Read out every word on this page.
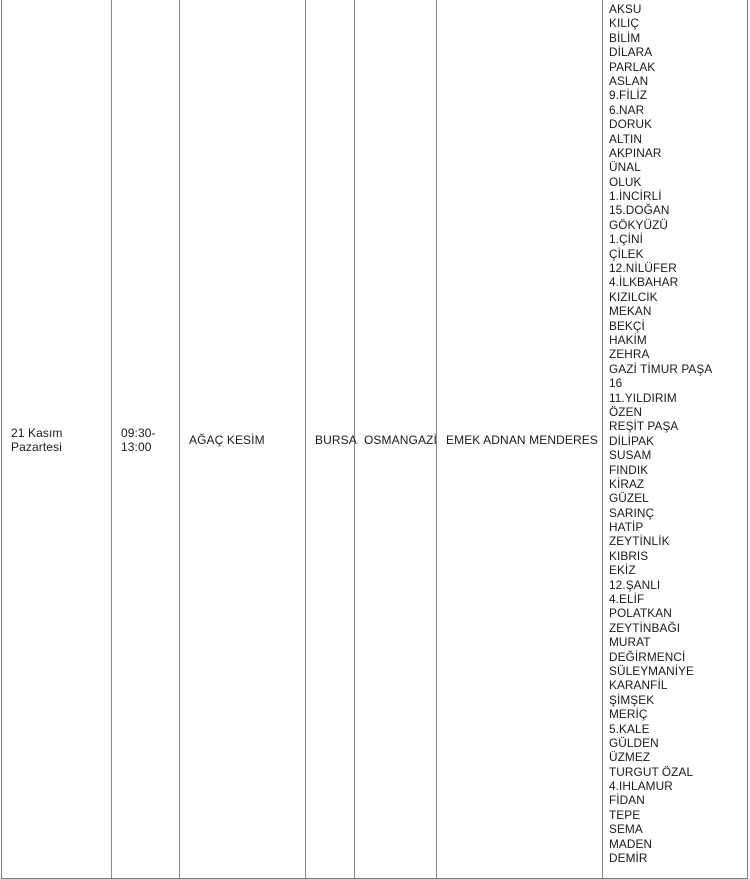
21 Kasım
Pazartesi
09:30-
13:00
AĞAÇ KESİM	BURSA OSMANGAZİ EMEK ADNAN MENDERES
AKSU
KILIÇ
BİLİM
DİLARA
PARLAK
ASLAN
9.FİLİZ
6.NAR
DORUK
ALTIN
AKPINAR
ÜNAL
OLUK
1.İNCİRLİ
15.DOĞAN
GÖKYÜZÜ
1.ÇİNİ
ÇİLEK
12.NİLÜFER
4.İLKBAHAR
KIZILCIK
MEKAN
BEKÇİ
HAKİM
ZEHRA
GAZİ TİMUR PAŞA
16
11.YILDIRIM
ÖZEN
REŞİT PAŞA
DİLİPAK
SUSAM
FINDIK
KİRAZ
GÜZEL
SARINÇ
HATİP
ZEYTİNLİK
KIBRIS
EKİZ
12.ŞANLI
4.ELİF
POLATKAN
ZEYTİNBAĞI
MURAT
DEĞİRMENCİ
SÜLEYMANİYE
KARANFİL
ŞİMŞEK
MERİÇ
5.KALE
GÜLDEN
ÜZMEZ
TURGUT ÖZAL
4.IHLAMUR
FİDAN
TEPE
SEMA
MADEN
DEMİR
